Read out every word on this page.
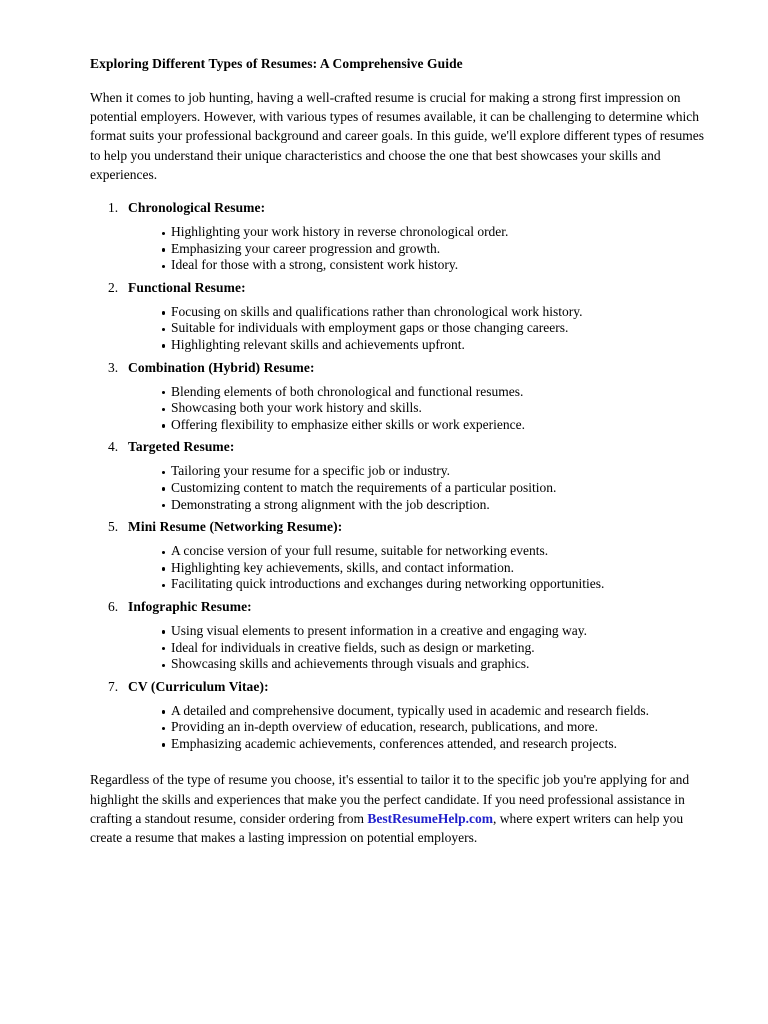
Exploring Different Types of Resumes: A Comprehensive Guide

When it comes to job hunting, having a well-crafted resume is crucial for making a strong first impression on potential employers. However, with various types of resumes available, it can be challenging to determine which format suits your professional background and career goals. In this guide, we'll explore different types of resumes to help you understand their unique characteristics and choose the one that best showcases your skills and experiences.

1. Chronological Resume:
Highlighting your work history in reverse chronological order.
Emphasizing your career progression and growth.
Ideal for those with a strong, consistent work history.
2. Functional Resume:
Focusing on skills and qualifications rather than chronological work history.
Suitable for individuals with employment gaps or those changing careers.
Highlighting relevant skills and achievements upfront.
3. Combination (Hybrid) Resume:
Blending elements of both chronological and functional resumes.
Showcasing both your work history and skills.
Offering flexibility to emphasize either skills or work experience.
4. Targeted Resume:
Tailoring your resume for a specific job or industry.
Customizing content to match the requirements of a particular position.
Demonstrating a strong alignment with the job description.
5. Mini Resume (Networking Resume):
A concise version of your full resume, suitable for networking events.
Highlighting key achievements, skills, and contact information.
Facilitating quick introductions and exchanges during networking opportunities.
6. Infographic Resume:
Using visual elements to present information in a creative and engaging way.
Ideal for individuals in creative fields, such as design or marketing.
Showcasing skills and achievements through visuals and graphics.
7. CV (Curriculum Vitae):
A detailed and comprehensive document, typically used in academic and research fields.
Providing an in-depth overview of education, research, publications, and more.
Emphasizing academic achievements, conferences attended, and research projects.

Regardless of the type of resume you choose, it's essential to tailor it to the specific job you're applying for and highlight the skills and experiences that make you the perfect candidate. If you need professional assistance in crafting a standout resume, consider ordering from BestResumeHelp.com, where expert writers can help you create a resume that makes a lasting impression on potential employers.
